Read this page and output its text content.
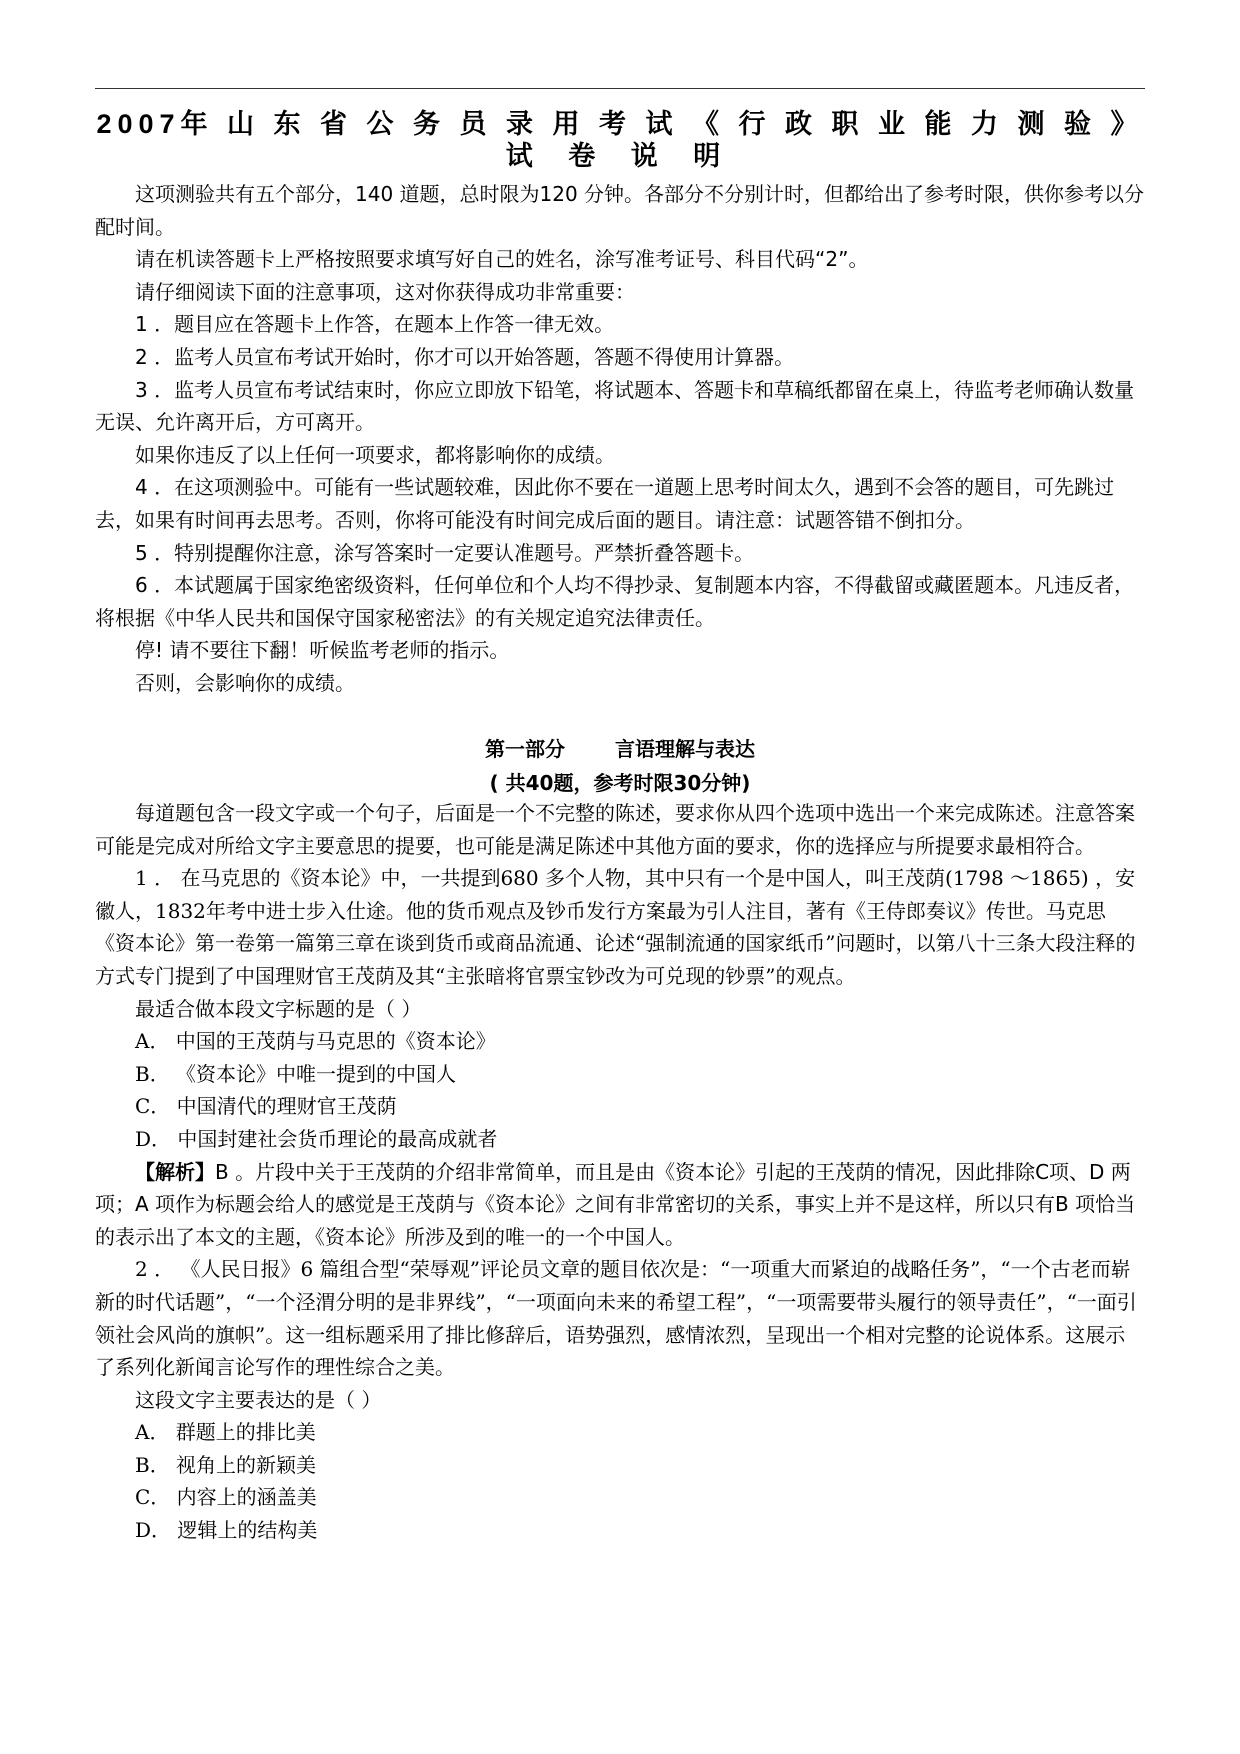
2007年 山 东 省 公 务 员 录 用 考 试 《 行 政 职 业 能 力 测 验 》
试 卷 说 明

这项测验共有五个部分，140 道题，总时限为120 分钟。各部分不分别计时，但都给出了参考时限，供你参考以分配时间。

请在机读答题卡上严格按照要求填写好自己的姓名，涂写准考证号、科目代码“2”。

请仔细阅读下面的注意事项，这对你获得成功非常重要：

1 ．题目应在答题卡上作答，在题本上作答一律无效。

2 ．监考人员宣布考试开始时，你才可以开始答题，答题不得使用计算器。

3 ．监考人员宣布考试结束时，你应立即放下铅笔，将试题本、答题卡和草稿纸都留在桌上，待监考老师确认数量无误、允许离开后，方可离开。

如果你违反了以上任何一项要求，都将影响你的成绩。

4 ．在这项测验中。可能有一些试题较难，因此你不要在一道题上思考时间太久，遇到不会答的题目，可先跳过去，如果有时间再去思考。否则，你将可能没有时间完成后面的题目。请注意：试题答错不倒扣分。

5 ．特别提醒你注意，涂写答案时一定要认准题号。严禁折叠答题卡。

6 ．本试题属于国家绝密级资料，任何单位和个人均不得抄录、复制题本内容，不得截留或藏匿题本。凡违反者，将根据《中华人民共和国保守国家秘密法》的有关规定追究法律责任。

停! 请不要往下翻！听候监考老师的指示。

否则，会影响你的成绩。

第一部分	言语理解与表达
( 共40题，参考时限30分钟)

每道题包含一段文字或一个句子，后面是一个不完整的陈述，要求你从四个选项中选出一个来完成陈述。注意答案可能是完成对所给文字主要意思的提要，也可能是满足陈述中其他方面的要求，你的选择应与所提要求最相符合。

1 ． 在马克思的《资本论》中，一共提到680 多个人物，其中只有一个是中国人，叫王茂荫(1798 ～1865) ，安徽人，1832年考中进士步入仕途。他的货币观点及钞币发行方案最为引人注目，著有《王侍郎奏议》传世。马克思《资本论》第一卷第一篇第三章在谈到货币或商品流通、论述“强制流通的国家纸币”问题时，以第八十三条大段注释的方式专门提到了中国理财官王茂荫及其“主张暗将官票宝钞改为可兑现的钞票”的观点。

最适合做本段文字标题的是（ ）

A． 中国的王茂荫与马克思的《资本论》

B． 《资本论》中唯一提到的中国人

C． 中国清代的理财官王茂荫

D． 中国封建社会货币理论的最高成就者

【解析】B 。片段中关于王茂荫的介绍非常简单，而且是由《资本论》引起的王茂荫的情况，因此排除C项、D 两项；A 项作为标题会给人的感觉是王茂荫与《资本论》之间有非常密切的关系，事实上并不是这样，所以只有B 项恰当的表示出了本文的主题，《资本论》所涉及到的唯一的一个中国人。

2 ． 《人民日报》6 篇组合型“荣辱观”评论员文章的题目依次是：“一项重大而紧迫的战略任务”，“一个古老而崭新的时代话题”，“一个泾渭分明的是非界线”，“一项面向未来的希望工程”，“一项需要带头履行的领导责任”，“一面引领社会风尚的旗帜”。这一组标题采用了排比修辞后，语势强烈，感情浓烈，呈现出一个相对完整的论说体系。这展示了系列化新闻言论写作的理性综合之美。

这段文字主要表达的是（ ）

A． 群题上的排比美

B． 视角上的新颖美

C． 内容上的涵盖美

D． 逻辑上的结构美
